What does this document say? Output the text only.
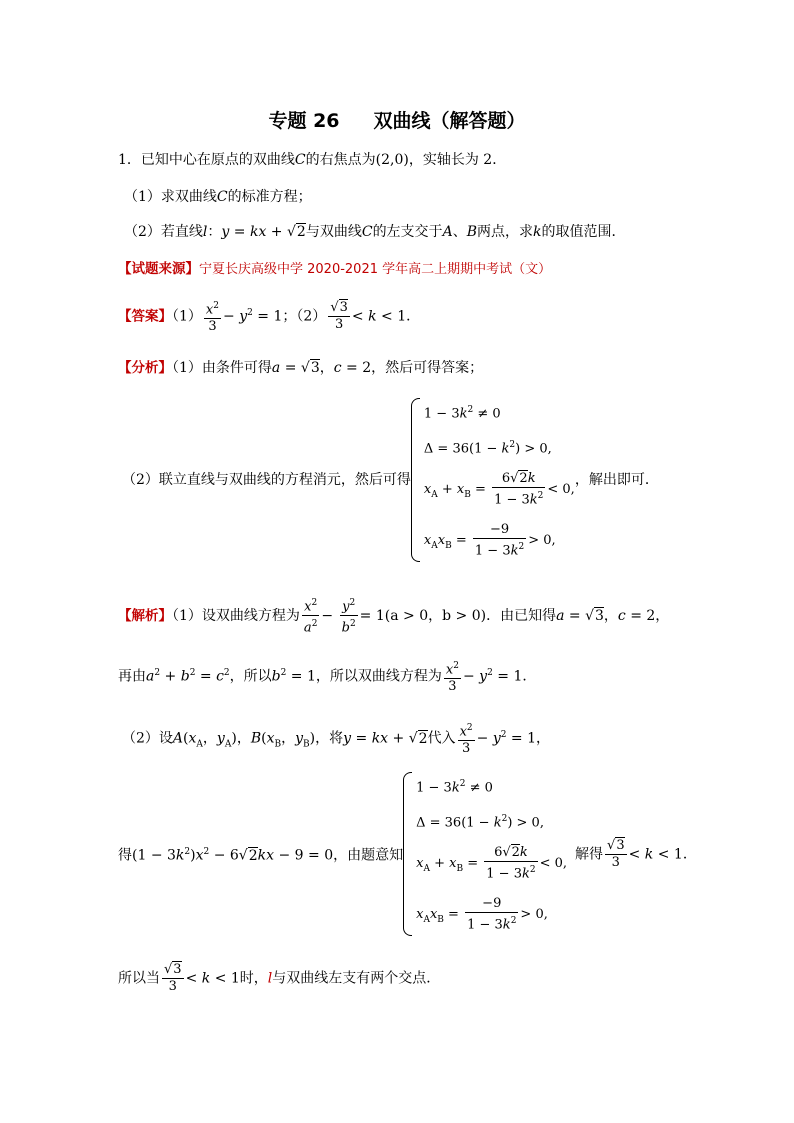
专题 26 双曲线（解答题）
1．已知中心在原点的双曲线C的右焦点为(2,0)，实轴长为 2．
（1）求双曲线C的标准方程；
（2）若直线l：y = kx + √2与双曲线C的左支交于A、B两点，求k的取值范围．
【试题来源】宁夏长庆高级中学 2020-2021 学年高二上期期中考试（文）
【答案】$(1) \frac{x^2}{3} - y^2 = 1$；$(2) \frac{√3}{3} < k < 1$．
【分析】（1）由条件可得a = √3，c = 2，然后可得答案；
（2）联立直线与双曲线的方程消元，然后可得
$1 - 3k^2 \ne 0$
$\Delta = 36(1 - k^2) > 0$,
$x_A + x_B = \frac{6√2k}{1 - 3k^2} < 0$,
$x_Ax_B = \frac{-9}{1 - 3k^2} > 0$,
，解出即可．
【解析】（1）设双曲线方程为 $\frac{x^2}{a^2} - \frac{y^2}{b^2} = 1(a > 0$，b > 0)．由已知得a = √3，c = 2，
再由$a^2 + b^2 = c^2$，所以$b^2 = 1$，所以双曲线方程为 $\frac{x^2}{3} - y^2 = 1$．
（2）设$A(x_A$，$y_A$)，$B(x_B$，$y_B$)，将y = kx + √2代入 $\frac{x^2}{3} - y^2 = 1$，
得$(1 - 3k^2)x^2 - 6√2kx - 9 = 0$，由题意知
$1 - 3k^2 \ne 0$
$\Delta = 36(1 - k^2) > 0$,
$x_A + x_B = \frac{6√2k}{1 - 3k^2} < 0$,
$x_Ax_B = \frac{-9}{1 - 3k^2} > 0$,
解得 $\frac{√3}{3} < k < 1$．
所以当 $\frac{√3}{3} < k < 1$时，l与双曲线左支有两个交点．
